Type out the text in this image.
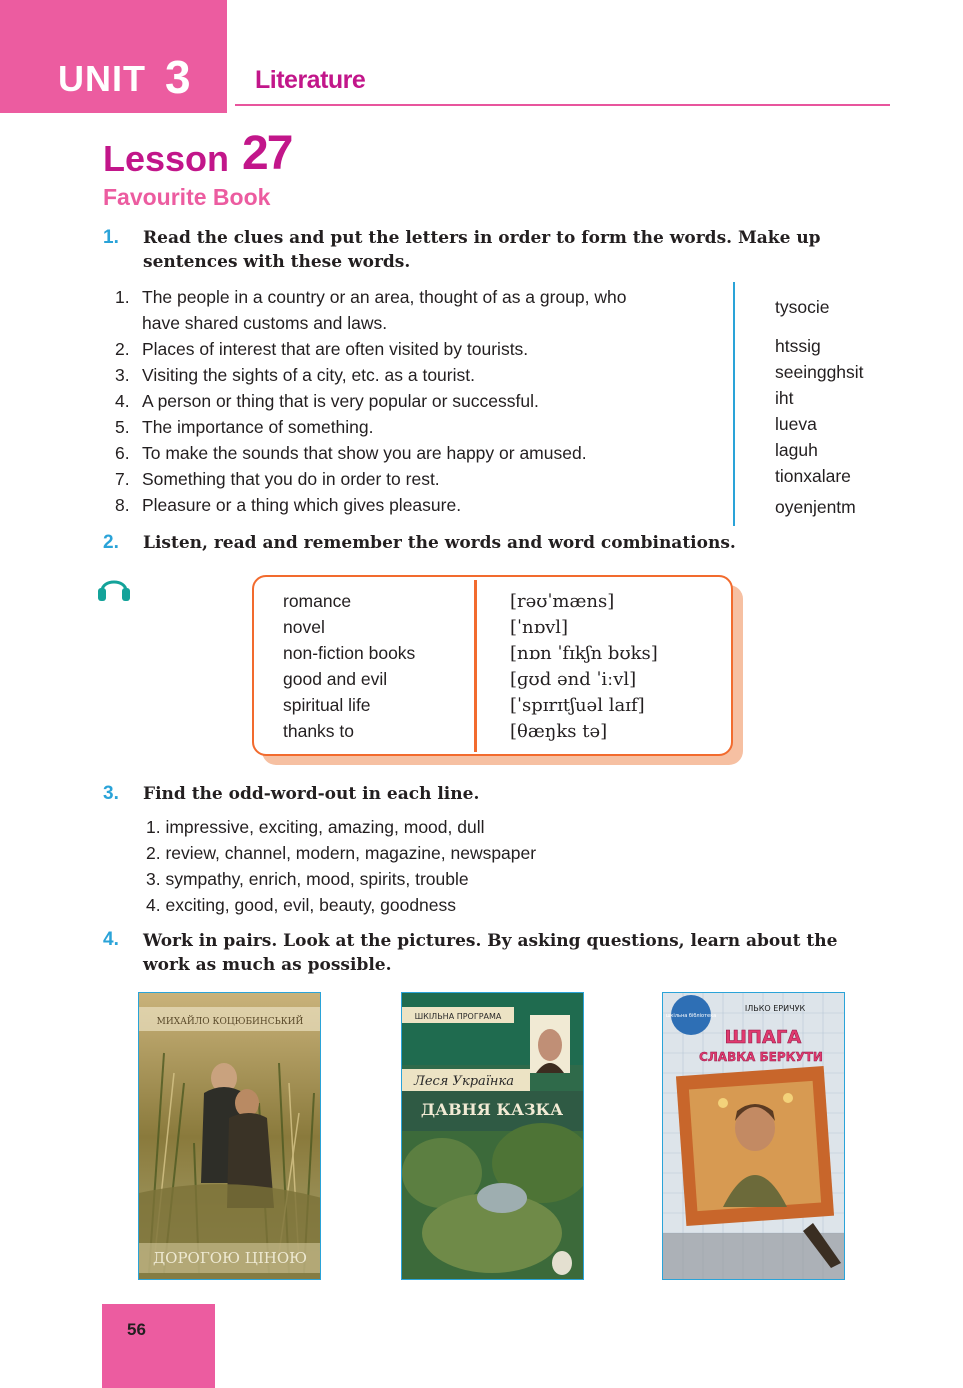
UNIT 3	Literature
Lesson 27
Favourite Book
1. Read the clues and put the letters in order to form the words. Make up
sentences with these words.
1. The people in a country or an area, thought of as a group, who
have shared customs and laws.
2. Places of interest that are often visited by tourists.
3. Visiting the sights of a city, etc. as a tourist.
4. A person or thing that is very popular or successful.
5. The importance of something.
6. To make the sounds that show you are happy or amused.
7. Something that you do in order to rest.
8. Pleasure or a thing which gives pleasure.
tysocie
htssig
seeingghsit
iht
lueva
laguh
tionxalare
oyenjentm
2. Listen, read and remember the words and word combinations.
romance
novel
non-fiction books
good and evil
spiritual life
thanks to
[rəʊˈmæns]
[ˈnɒvl]
[nɒn ˈfɪkʃn bʊks]
[ɡʊd ənd ˈiːvl]
[ˈspɪrɪtʃuəl laɪf]
[θæŋks tə]
3. Find the odd-word-out in each line.
1. impressive, exciting, amazing, mood, dull
2. review, channel, modern, magazine, newspaper
3. sympathy, enrich, mood, spirits, trouble
4. exciting, good, evil, beauty, goodness
4. Work in pairs. Look at the pictures. By asking questions, learn about the
work as much as possible.
МИХАЙЛО КОЦЮБИНСЬКИЙ
ДОРОГОЮ ЦІНОЮ
ШКІЛЬНА ПРОГРАМА
Леся Українка
ДАВНЯ КАЗКА
шкільна бібліотека
ІЛЬКО ЕРИЧУК
ШПАГА
СЛАВКА БЕРКУТИ
56
